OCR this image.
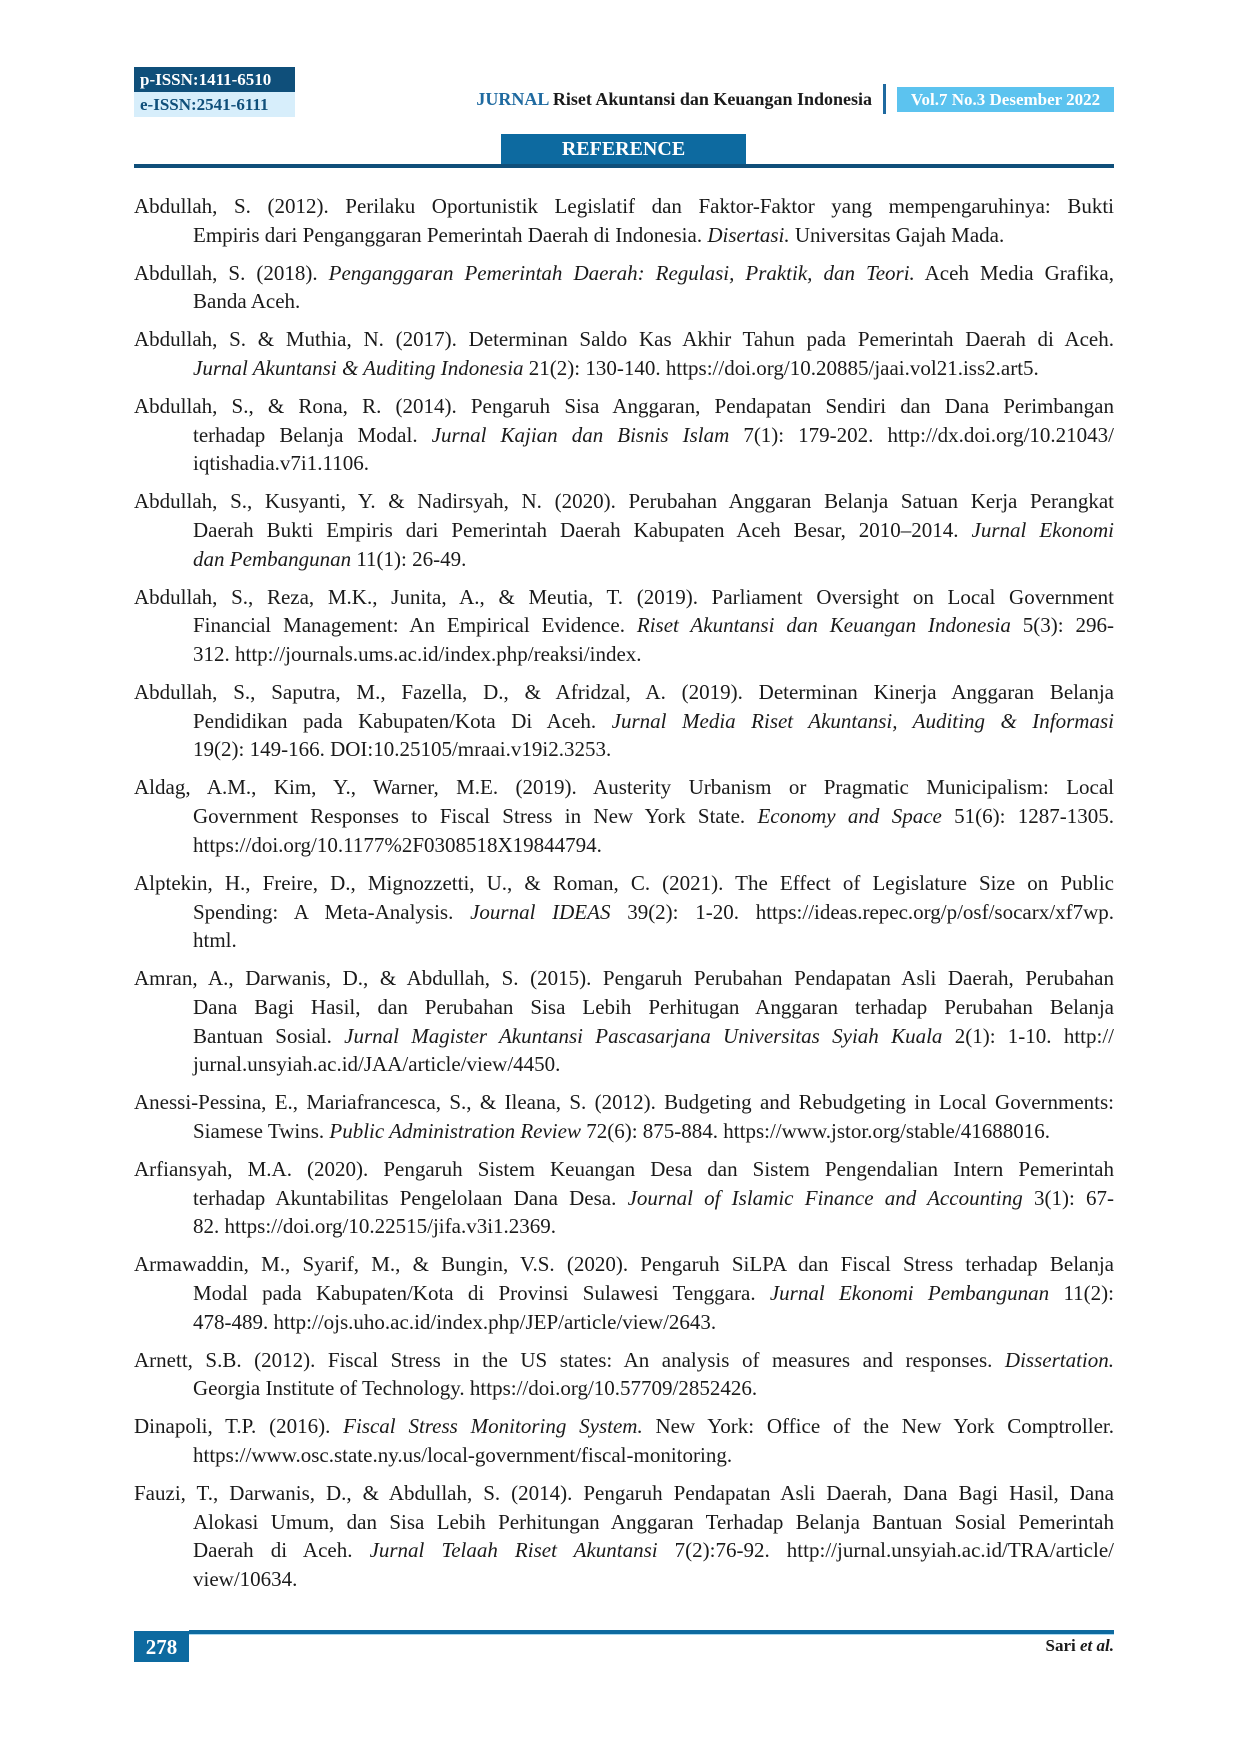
p-ISSN:1411-6510
e-ISSN:2541-6111	JURNAL Riset Akuntansi dan Keuangan Indonesia	Vol.7 No.3 Desember 2022
REFERENCE
Abdullah, S. (2012). Perilaku Oportunistik Legislatif dan Faktor-Faktor yang mempengaruhinya: Bukti
Empiris dari Penganggaran Pemerintah Daerah di Indonesia. Disertasi. Universitas Gajah Mada.
Abdullah, S. (2018). Penganggaran Pemerintah Daerah: Regulasi, Praktik, dan Teori. Aceh Media Grafika,
Banda Aceh.
Abdullah, S. & Muthia, N. (2017). Determinan Saldo Kas Akhir Tahun pada Pemerintah Daerah di Aceh.
Jurnal Akuntansi & Auditing Indonesia 21(2): 130-140. https://doi.org/10.20885/jaai.vol21.iss2.art5.
Abdullah, S., & Rona, R. (2014). Pengaruh Sisa Anggaran, Pendapatan Sendiri dan Dana Perimbangan
terhadap Belanja Modal. Jurnal Kajian dan Bisnis Islam 7(1): 179-202. http://dx.doi.org/10.21043/
iqtishadia.v7i1.1106.
Abdullah, S., Kusyanti, Y. & Nadirsyah, N. (2020). Perubahan Anggaran Belanja Satuan Kerja Perangkat
Daerah Bukti Empiris dari Pemerintah Daerah Kabupaten Aceh Besar, 2010–2014. Jurnal Ekonomi
dan Pembangunan 11(1): 26-49.
Abdullah, S., Reza, M.K., Junita, A., & Meutia, T. (2019). Parliament Oversight on Local Government
Financial Management: An Empirical Evidence. Riset Akuntansi dan Keuangan Indonesia 5(3): 296-
312. http://journals.ums.ac.id/index.php/reaksi/index.
Abdullah, S., Saputra, M., Fazella, D., & Afridzal, A. (2019). Determinan Kinerja Anggaran Belanja
Pendidikan pada Kabupaten/Kota Di Aceh. Jurnal Media Riset Akuntansi, Auditing & Informasi
19(2): 149-166. DOI:10.25105/mraai.v19i2.3253.
Aldag, A.M., Kim, Y., Warner, M.E. (2019). Austerity Urbanism or Pragmatic Municipalism: Local
Government Responses to Fiscal Stress in New York State. Economy and Space 51(6): 1287-1305.
https://doi.org/10.1177%2F0308518X19844794.
Alptekin, H., Freire, D., Mignozzetti, U., & Roman, C. (2021). The Effect of Legislature Size on Public
Spending: A Meta-Analysis. Journal IDEAS 39(2): 1-20. https://ideas.repec.org/p/osf/socarx/xf7wp.
html.
Amran, A., Darwanis, D., & Abdullah, S. (2015). Pengaruh Perubahan Pendapatan Asli Daerah, Perubahan
Dana Bagi Hasil, dan Perubahan Sisa Lebih Perhitugan Anggaran terhadap Perubahan Belanja
Bantuan Sosial. Jurnal Magister Akuntansi Pascasarjana Universitas Syiah Kuala 2(1): 1-10. http://
jurnal.unsyiah.ac.id/JAA/article/view/4450.
Anessi-Pessina, E., Mariafrancesca, S., & Ileana, S. (2012). Budgeting and Rebudgeting in Local Governments:
Siamese Twins. Public Administration Review 72(6): 875-884. https://www.jstor.org/stable/41688016.
Arfiansyah, M.A. (2020). Pengaruh Sistem Keuangan Desa dan Sistem Pengendalian Intern Pemerintah
terhadap Akuntabilitas Pengelolaan Dana Desa. Journal of Islamic Finance and Accounting 3(1): 67-
82. https://doi.org/10.22515/jifa.v3i1.2369.
Armawaddin, M., Syarif, M., & Bungin, V.S. (2020). Pengaruh SiLPA dan Fiscal Stress terhadap Belanja
Modal pada Kabupaten/Kota di Provinsi Sulawesi Tenggara. Jurnal Ekonomi Pembangunan 11(2):
478-489. http://ojs.uho.ac.id/index.php/JEP/article/view/2643.
Arnett, S.B. (2012). Fiscal Stress in the US states: An analysis of measures and responses. Dissertation.
Georgia Institute of Technology. https://doi.org/10.57709/2852426.
Dinapoli, T.P. (2016). Fiscal Stress Monitoring System. New York: Office of the New York Comptroller.
https://www.osc.state.ny.us/local-government/fiscal-monitoring.
Fauzi, T., Darwanis, D., & Abdullah, S. (2014). Pengaruh Pendapatan Asli Daerah, Dana Bagi Hasil, Dana
Alokasi Umum, dan Sisa Lebih Perhitungan Anggaran Terhadap Belanja Bantuan Sosial Pemerintah
Daerah di Aceh. Jurnal Telaah Riset Akuntansi 7(2):76-92. http://jurnal.unsyiah.ac.id/TRA/article/
view/10634.
278	Sari et al.
